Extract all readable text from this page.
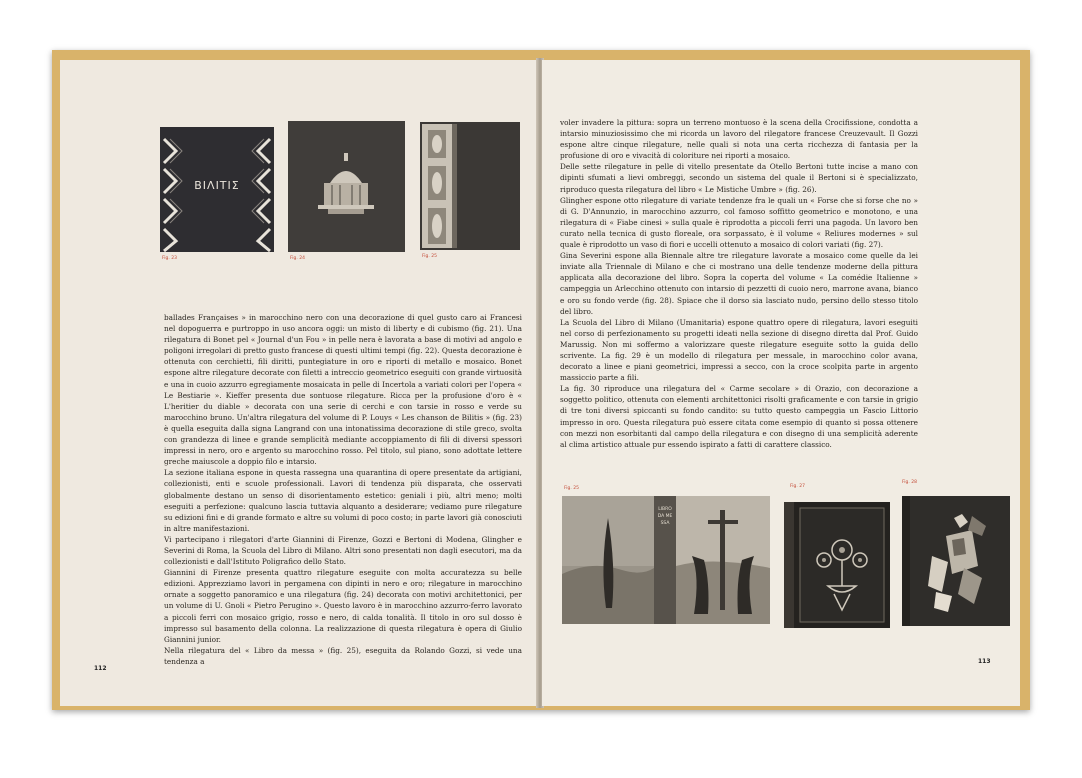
BIΛITIΣ
Fig. 23	Fig. 24	Fig. 25

ballades Françaises » in marocchino nero con una decorazione di quel gusto caro ai Francesi nel dopoguerra e purtroppo in uso ancora oggi: un misto di liberty e di cubismo (fig. 21). Una rilegatura di Bonet pel « Journal d'un Fou » in pelle nera è lavorata a base di motivi ad angolo e poligoni irregolari di pretto gusto francese di questi ultimi tempi (fig. 22). Questa decorazione è ottenuta con cerchietti, fili diritti, puntegiature in oro e riporti di metallo e mosaico. Bonet espone altre rilegature decorate con filetti a intreccio geometrico eseguiti con grande virtuosità e una in cuoio azzurro egregiamente mosaicata in pelle di Incertola a variati colori per l'opera « Le Bestiarie ». Kieffer presenta due sontuose rilegature. Ricca per la profusione d'oro è « L'heritier du diable » decorata con una serie di cerchi e con tarsie in rosso e verde su marocchino bruno. Un'altra rilegatura del volume di P. Louys « Les chanson de Bilitis » (fig. 23) è quella eseguita dalla signa Langrand con una intonatissima decorazione di stile greco, svolta con grandezza di linee e grande semplicità mediante accoppiamento di fili di diversi spessori impressi in nero, oro e argento su marocchino rosso. Pel titolo, sul piano, sono adottate lettere greche maiuscole a doppio filo e intarsio.

La sezione italiana espone in questa rassegna una quarantina di opere presentate da artigiani, collezionisti, enti e scuole professionali. Lavori di tendenza più disparata, che osservati globalmente destano un senso di disorientamento estetico: geniali i più, altri meno; molti eseguiti a perfezione: qualcuno lascia tuttavia alquanto a desiderare; vediamo pure rilegature su edizioni fini e di grande formato e altre su volumi di poco costo; in parte lavori già conosciuti in altre manifestazioni.

Vi partecipano i rilegatori d'arte Giannini di Firenze, Gozzi e Bertoni di Modena, Glingher e Severini di Roma, la Scuola del Libro di Milano. Altri sono presentati non dagli esecutori, ma da collezionisti e dall'Istituto Poligrafico dello Stato.

Giannini di Firenze presenta quattro rilegature eseguite con molta accuratezza su belle edizioni. Apprezziamo lavori in pergamena con dipinti in nero e oro; rilegature in marocchino ornate a soggetto panoramico e una rilegatura (fig. 24) decorata con motivi architettonici, per un volume di U. Gnoli « Pietro Perugino ». Questo lavoro è in marocchino azzurro-ferro lavorato a piccoli ferri con mosaico grigio, rosso e nero, di calda tonalità. Il titolo in oro sul dosso è impresso sul basamento della colonna. La realizzazione di questa rilegatura è opera di Giulio Giannini junior.

Nella rilegatura del « Libro da messa » (fig. 25), eseguita da Rolando Gozzi, si vede una tendenza a

112

voler invadere la pittura: sopra un terreno montuoso è la scena della Crocifissione, condotta a intarsio minuziosissimo che mi ricorda un lavoro del rilegatore francese Creuzevault. Il Gozzi espone altre cinque rilegature, nelle quali si nota una certa ricchezza di fantasia per la profusione di oro e vivacità di coloriture nei riporti a mosaico.

Delle sette rilegature in pelle di vitello presentate da Otello Bertoni tutte incise a mano con dipinti sfumati a lievi ombreggi, secondo un sistema del quale il Bertoni si è specializzato, riproduco questa rilegatura del libro « Le Mistiche Umbre » (fig. 26).

Glingher espone otto rilegature di variate tendenze fra le quali un « Forse che si forse che no » di G. D'Annunzio, in marocchino azzurro, col famoso soffitto geometrico e monotono, e una rilegatura di « Fiabe cinesi » sulla quale è riprodotta a piccoli ferri una pagoda. Un lavoro ben curato nella tecnica di gusto floreale, ora sorpassato, è il volume « Reliures modernes » sul quale è riprodotto un vaso di fiori e uccelli ottenuto a mosaico di colori variati (fig. 27).

Gina Severini espone alla Biennale altre tre rilegature lavorate a mosaico come quelle da lei inviate alla Triennale di Milano e che ci mostrano una delle tendenze moderne della pittura applicata alla decorazione del libro. Sopra la coperta del volume « La comédie Italienne » campeggia un Arlecchino ottenuto con intarsio di pezzetti di cuoio nero, marrone avana, bianco e oro su fondo verde (fig. 28). Spiace che il dorso sia lasciato nudo, persino dello stesso titolo del libro.

La Scuola del Libro di Milano (Umanitaria) espone quattro opere di rilegatura, lavori eseguiti nel corso di perfezionamento su progetti ideati nella sezione di disegno diretta dal Prof. Guido Marussig. Non mi soffermo a valorizzare queste rilegature eseguite sotto la guida dello scrivente. La fig. 29 è un modello di rilegatura per messale, in marocchino color avana, decorato a linee e piani geometrici, impressi a secco, con la croce scolpita parte in argento massiccio parte a fili.

La fig. 30 riproduce una rilegatura del « Carme secolare » di Orazio, con decorazione a soggetto politico, ottenuta con elementi architettonici risolti graficamente e con tarsie in grigio di tre toni diversi spiccanti su fondo candito: su tutto questo campeggia un Fascio Littorio impresso in oro. Questa rilegatura può essere citata come esempio di quanto si possa ottenere con mezzi non esorbitanti dal campo della rilegatura e con disegno di una semplicità aderente al clima artistico attuale pur essendo ispirato a fatti di carattere classico.

Fig. 25	Fig. 27
Fig. 28
LIBRO DA MESSA
113
